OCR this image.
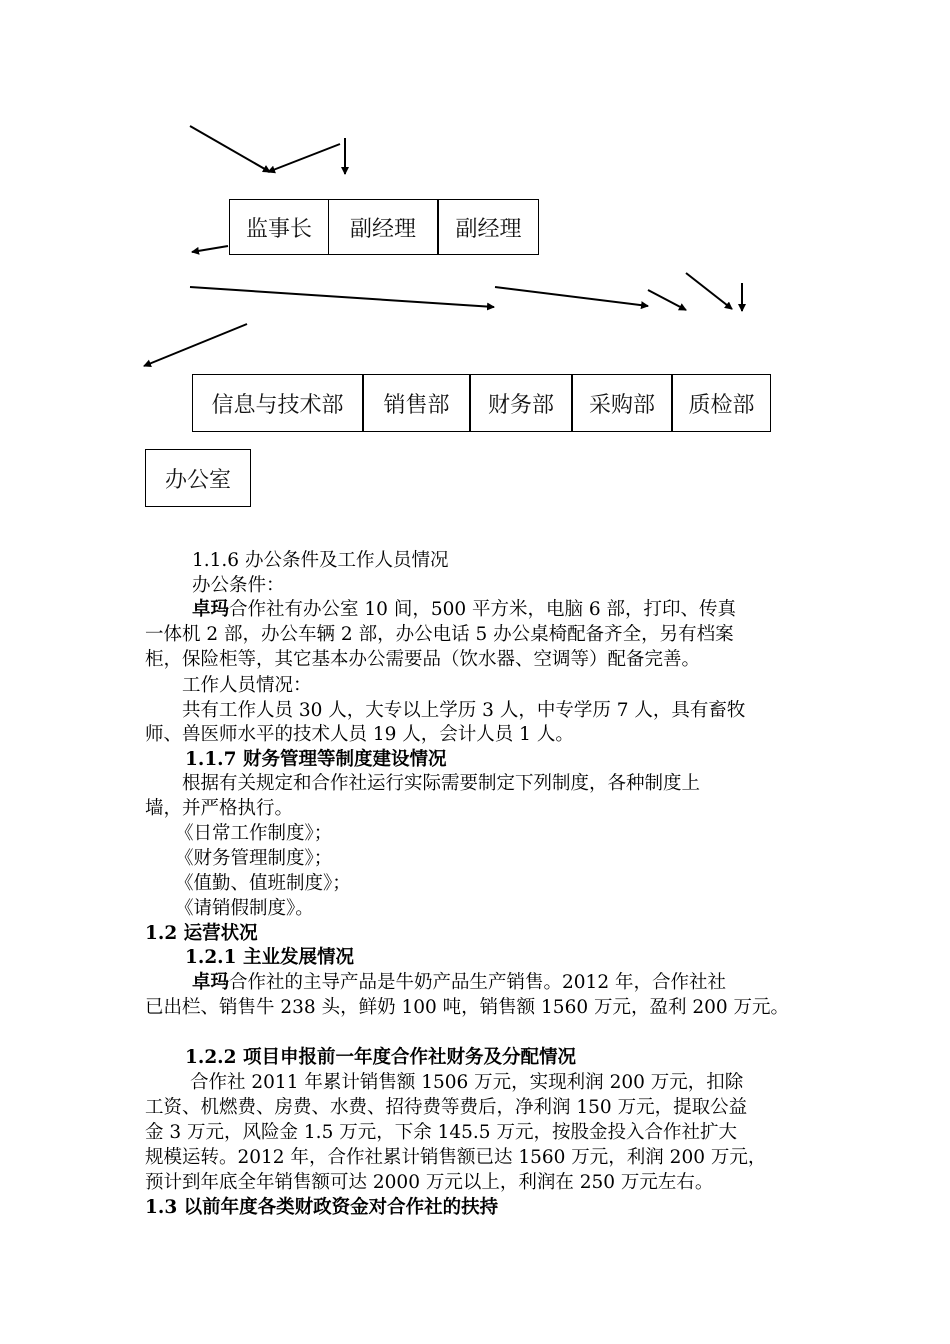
监事长	副经理	副经理
信息与技术部	销售部	财务部	采购部	质检部
办公室
1.1.6 办公条件及工作人员情况
办公条件：
卓玛合作社有办公室 10 间，500 平方米，电脑 6 部，打印、传真
一体机 2 部，办公车辆 2 部，办公电话 5 办公桌椅配备齐全，另有档案
柜，保险柜等，其它基本办公需要品（饮水器、空调等）配备完善。
工作人员情况：
共有工作人员 30 人，大专以上学历 3 人，中专学历 7 人，具有畜牧
师、兽医师水平的技术人员 19 人，会计人员 1 人。
1.1.7 财务管理等制度建设情况
根据有关规定和合作社运行实际需要制定下列制度，各种制度上
墙，并严格执行。
《日常工作制度》；
《财务管理制度》；
《值勤、值班制度》；
《请销假制度》。
1.2 运营状况
1.2.1 主业发展情况
卓玛合作社的主导产品是牛奶产品生产销售。2012 年，合作社社
已出栏、销售牛 238 头，鲜奶 100 吨，销售额 1560 万元，盈利 200 万元。
1.2.2 项目申报前一年度合作社财务及分配情况
合作社 2011 年累计销售额 1506 万元，实现利润 200 万元，扣除
工资、机燃费、房费、水费、招待费等费后，净利润 150 万元，提取公益
金 3 万元，风险金 1.5 万元，下余 145.5 万元，按股金投入合作社扩大
规模运转。2012 年，合作社累计销售额已达 1560 万元，利润 200 万元，
预计到年底全年销售额可达 2000 万元以上，利润在 250 万元左右。
1.3 以前年度各类财政资金对合作社的扶持
